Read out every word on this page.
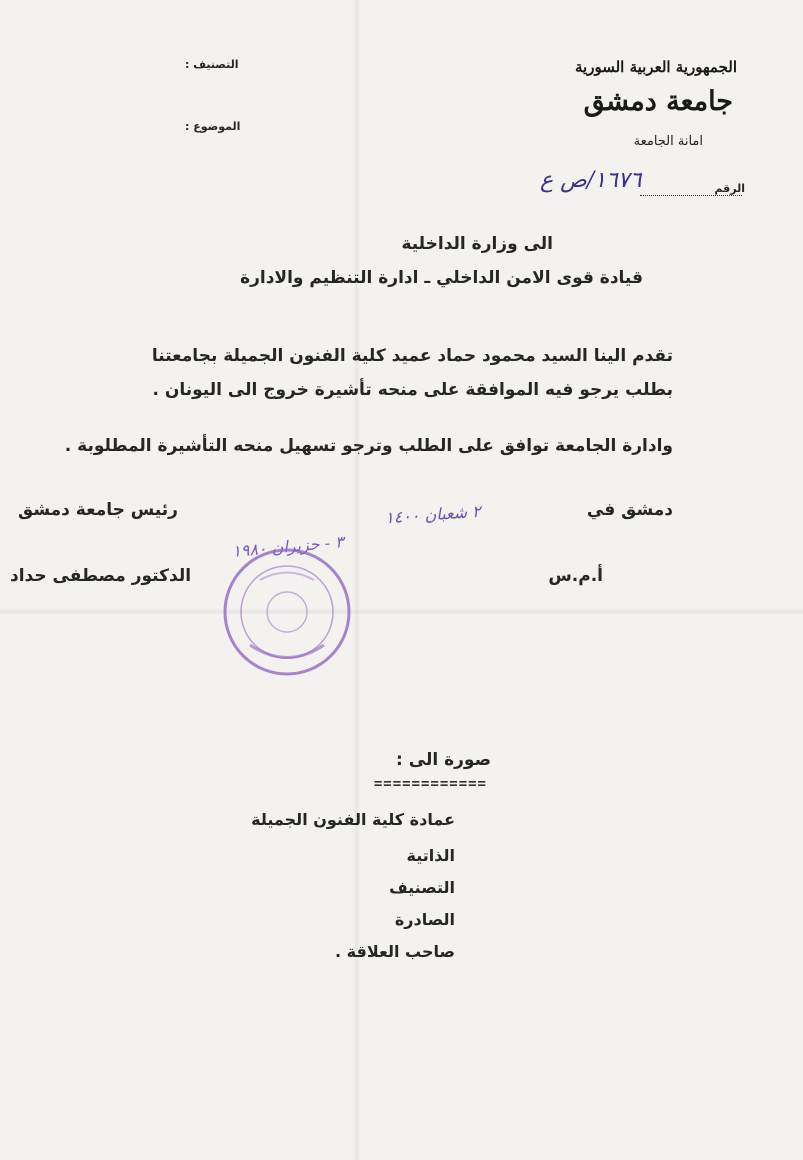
الجمهورية العربية السورية
جامعة دمشق
امانة الجامعة
التصنيف :
الموضوع :
الرقم
١٦٧٦/ص ع
الى وزارة الداخلية
قيادة قوى الامن الداخلي ـ ادارة التنظيم والادارة
تقدم الينا السيد محمود حماد عميد كلية الفنون الجميلة بجامعتنا
بطلب يرجو فيه الموافقة على منحه تأشيرة خروج الى اليونان .
وادارة الجامعة توافق على الطلب وترجو تسهيل منحه التأشيرة المطلوبة .
دمشق في
٢ شعبان ١٤٠٠
٣ - حزيران ١٩٨٠
رئيس جامعة دمشق
أ.م.س
الدكتور مصطفى حداد
صورة الى :
============
عمادة كلية الفنون الجميلة
الذاتية
التصنيف
الصادرة
صاحب العلاقة .
